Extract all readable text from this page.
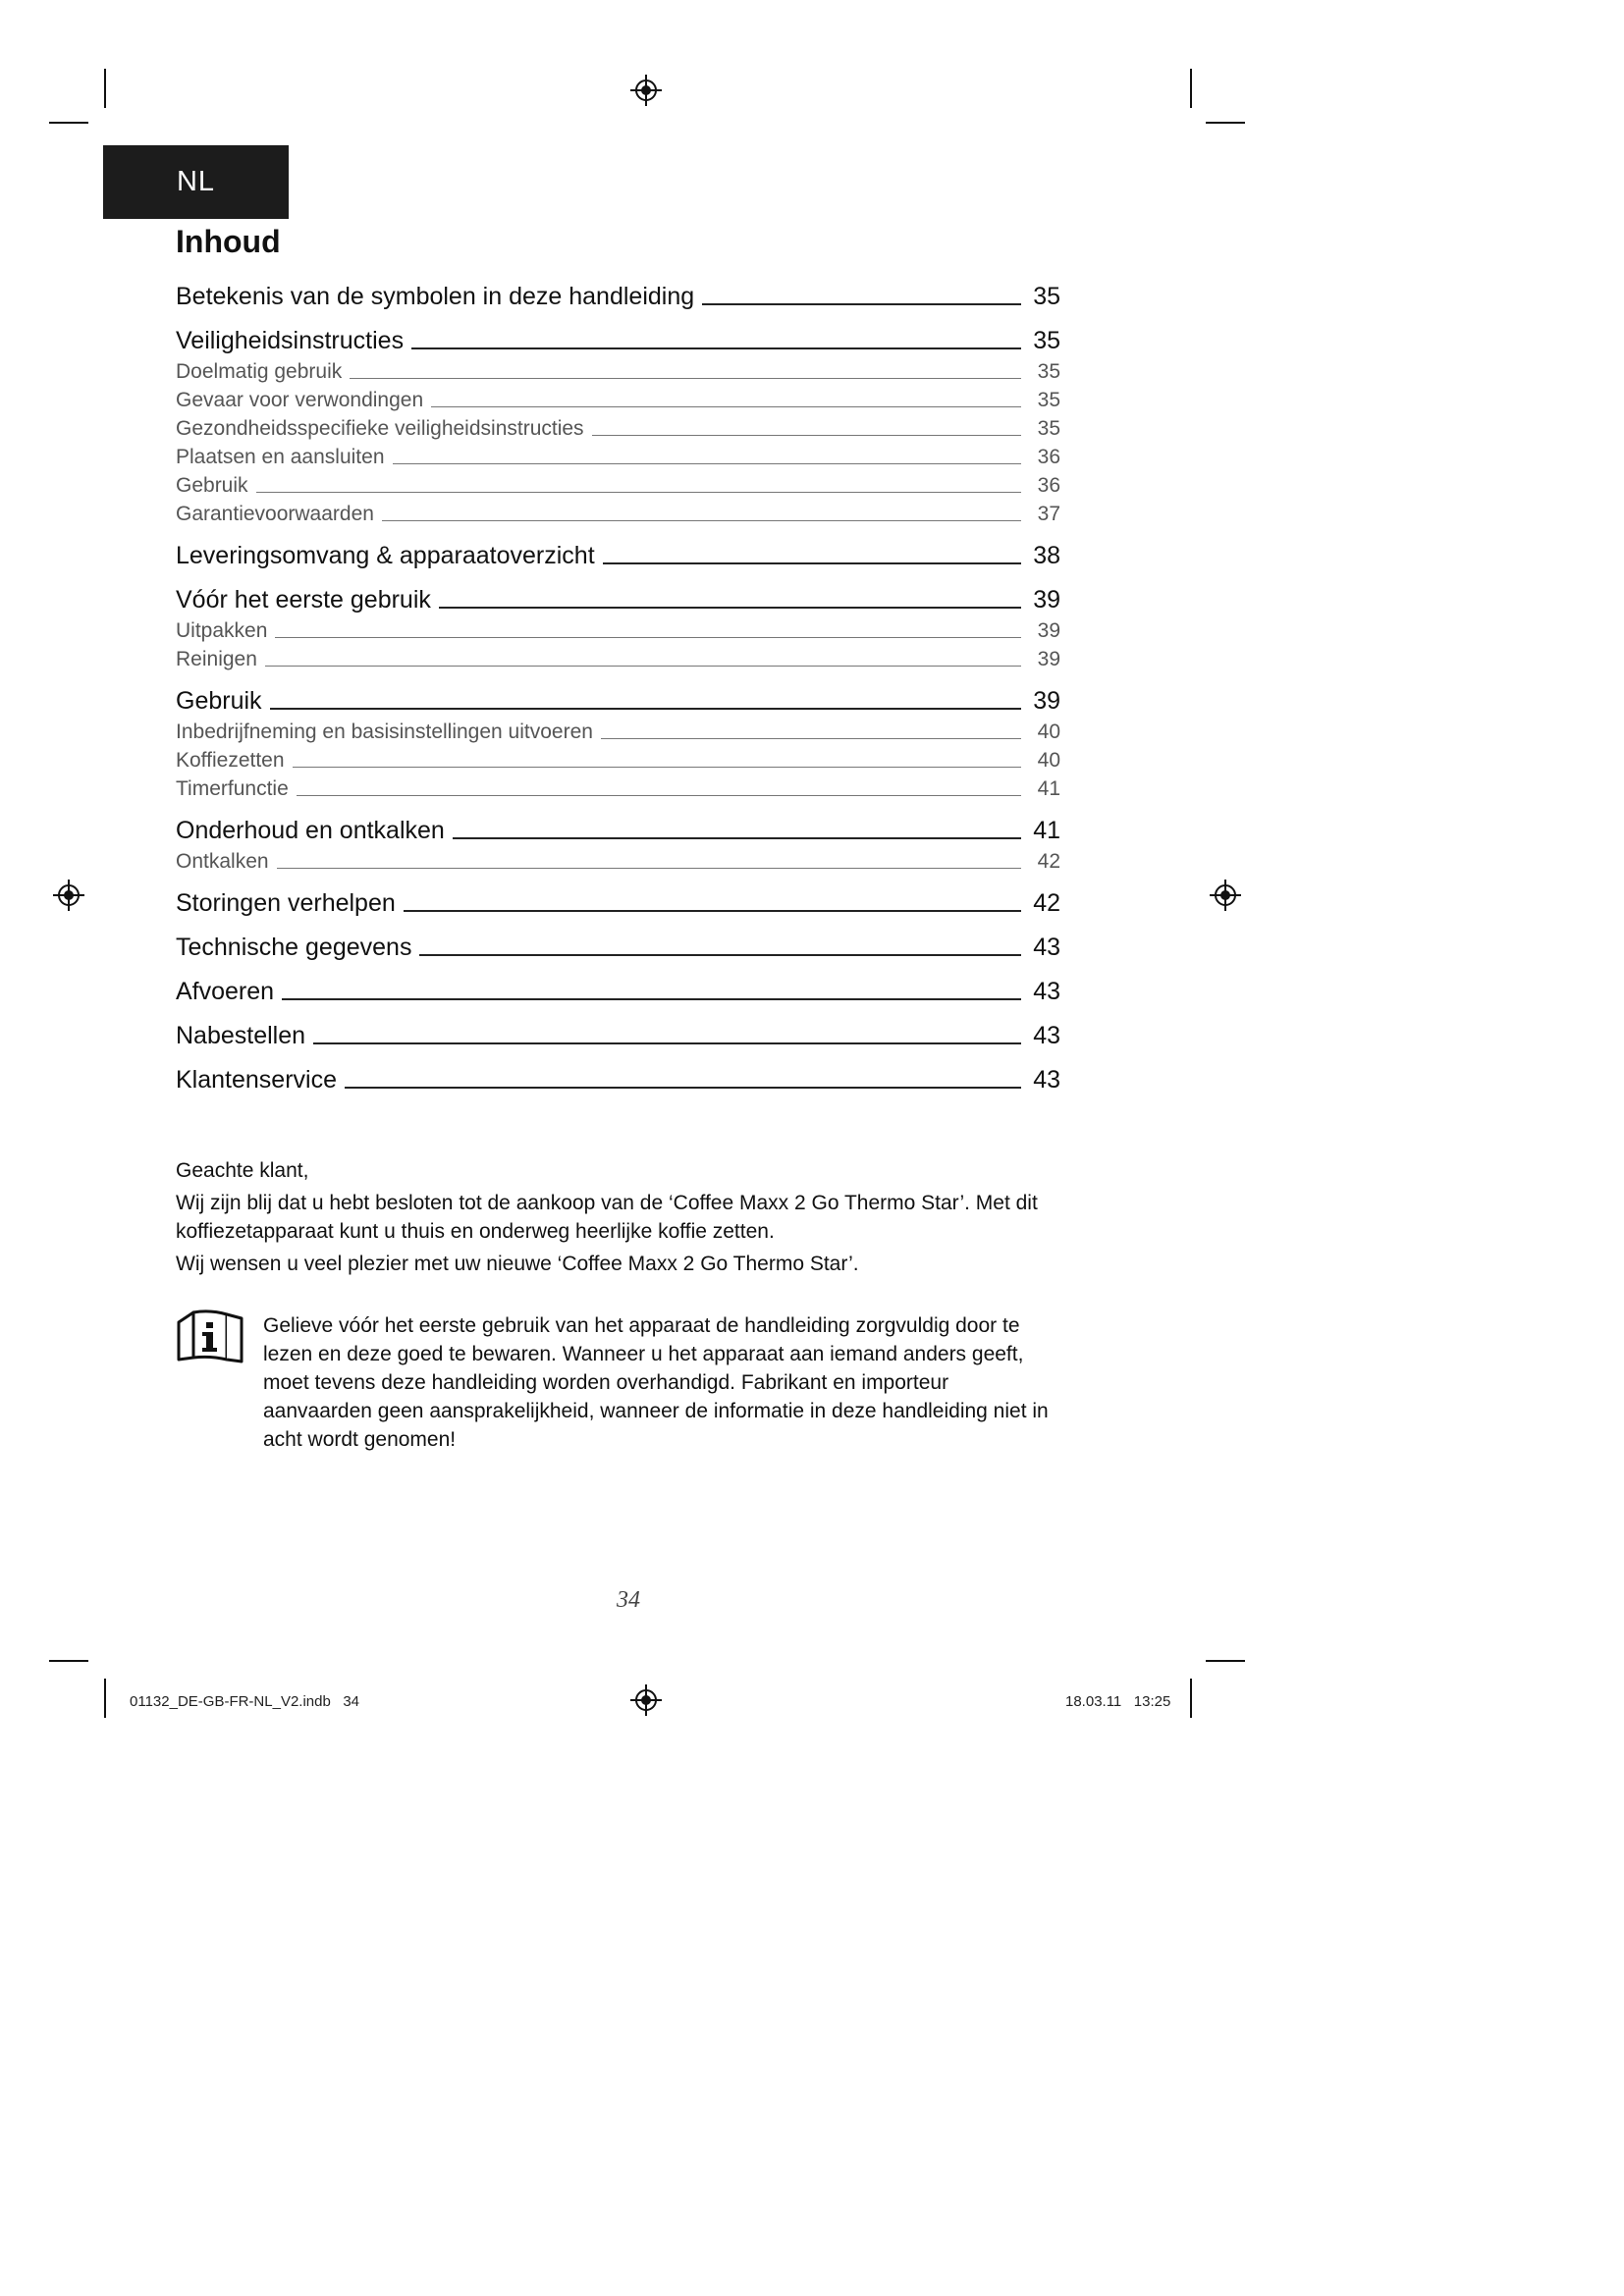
NL
Inhoud
Betekenis van de symbolen in deze handleiding	35
Veiligheidsinstructies	35
Doelmatig gebruik	35
Gevaar voor verwondingen	35
Gezondheidsspecifieke veiligheidsinstructies	35
Plaatsen en aansluiten	36
Gebruik	36
Garantievoorwaarden	37
Leveringsomvang & apparaatoverzicht	38
Vóór het eerste gebruik	39
Uitpakken	39
Reinigen	39
Gebruik	39
Inbedrijfneming en basisinstellingen uitvoeren	40
Koffiezetten	40
Timerfunctie	41
Onderhoud en ontkalken	41
Ontkalken	42
Storingen verhelpen	42
Technische gegevens	43
Afvoeren	43
Nabestellen	43
Klantenservice	43

Geachte klant,

Wij zijn blij dat u hebt besloten tot de aankoop van de ‘Coffee Maxx 2 Go Thermo Star’. Met dit koffiezetapparaat kunt u thuis en onderweg heerlijke koffie zetten.

Wij wensen u veel plezier met uw nieuwe ‘Coffee Maxx 2 Go Thermo Star’.

Gelieve vóór het eerste gebruik van het apparaat de handleiding zorgvuldig door te lezen en deze goed te bewaren. Wanneer u het apparaat aan iemand anders geeft, moet tevens deze handleiding worden overhandigd. Fabrikant en importeur aanvaarden geen aansprakelijkheid, wanneer de informatie in deze handleiding niet in acht wordt genomen!
34
01132_DE-GB-FR-NL_V2.indb   34	18.03.11   13:25
